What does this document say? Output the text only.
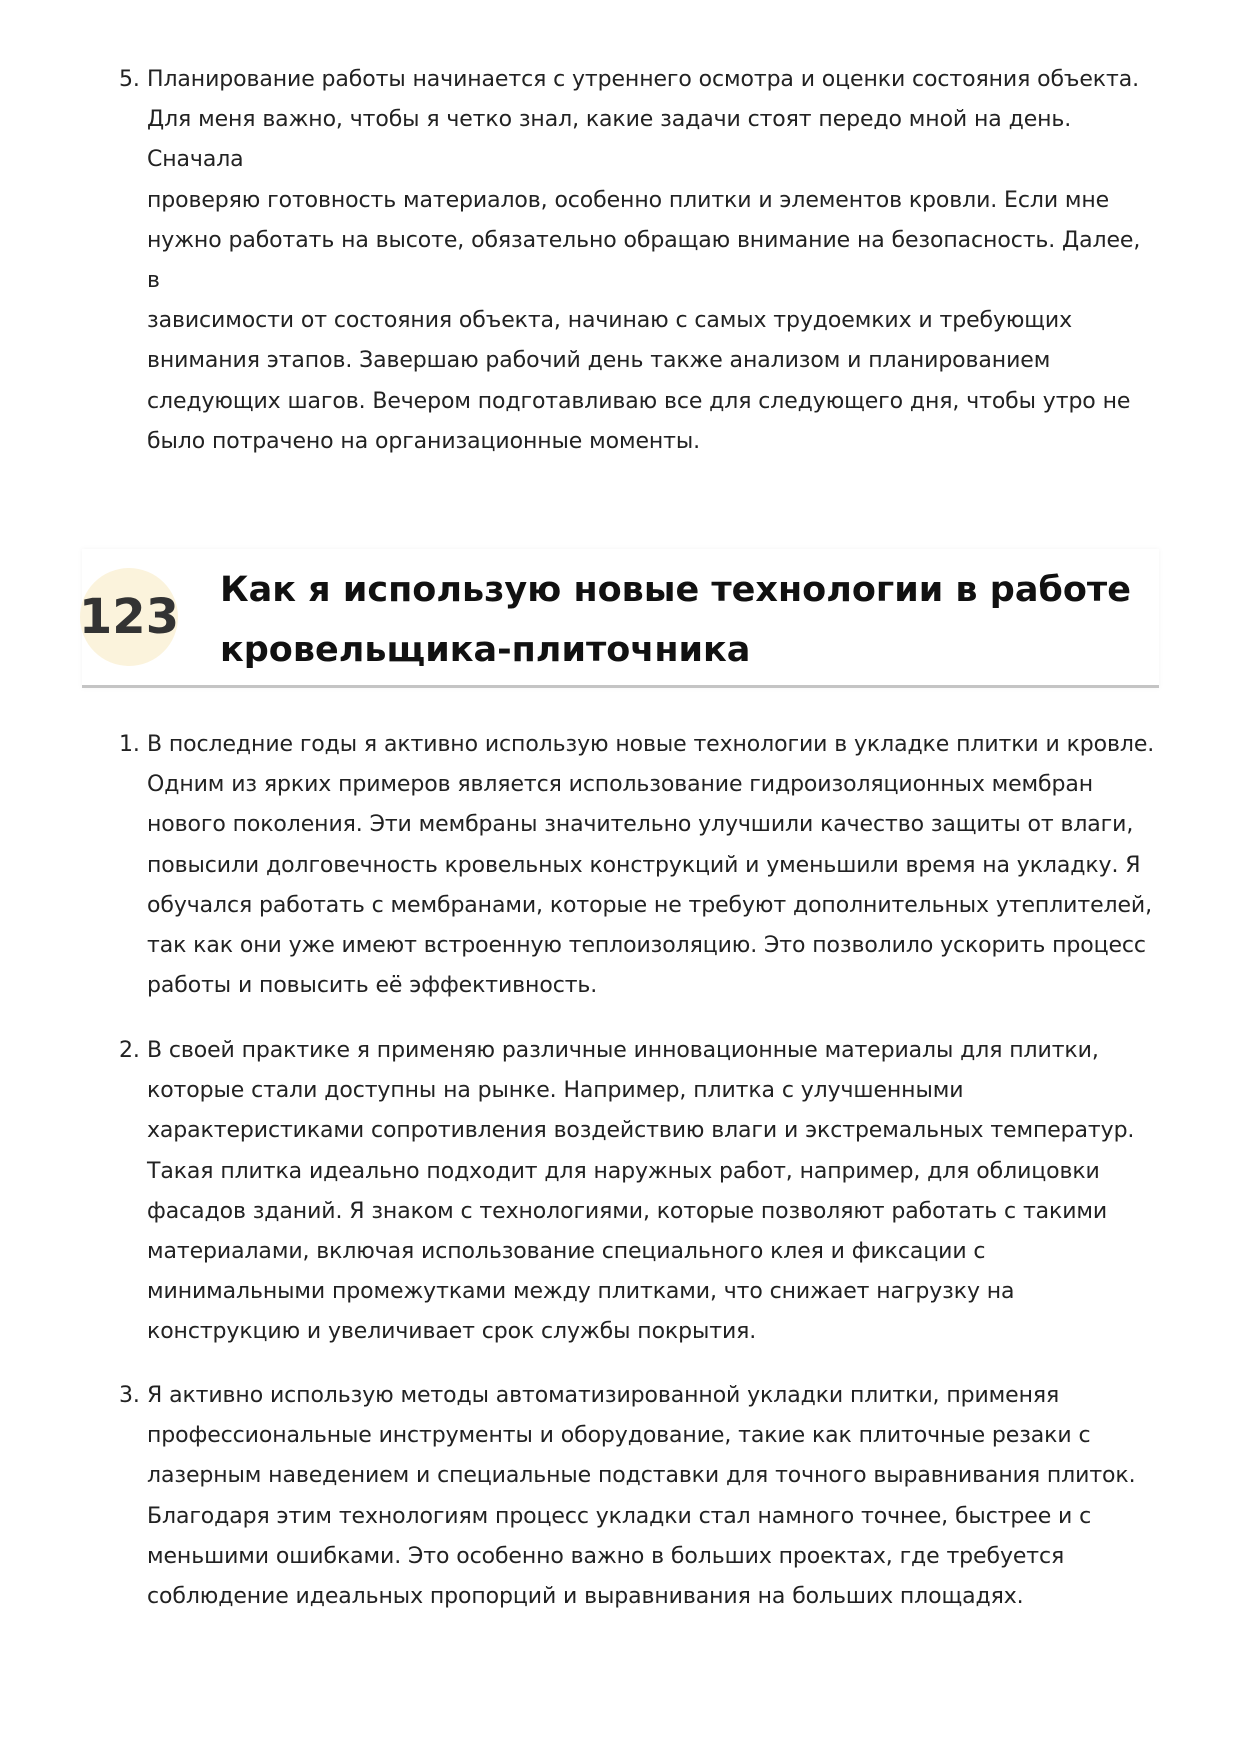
5. Планирование работы начинается с утреннего осмотра и оценки состояния объекта.
Для меня важно, чтобы я четко знал, какие задачи стоят передо мной на день. Сначала
проверяю готовность материалов, особенно плитки и элементов кровли. Если мне
нужно работать на высоте, обязательно обращаю внимание на безопасность. Далее, в
зависимости от состояния объекта, начинаю с самых трудоемких и требующих
внимания этапов. Завершаю рабочий день также анализом и планированием
следующих шагов. Вечером подготавливаю все для следующего дня, чтобы утро не
было потрачено на организационные моменты.
123 Как я использую новые технологии в работе
кровельщика-плиточника
1. В последние годы я активно использую новые технологии в укладке плитки и кровле.
Одним из ярких примеров является использование гидроизоляционных мембран
нового поколения. Эти мембраны значительно улучшили качество защиты от влаги,
повысили долговечность кровельных конструкций и уменьшили время на укладку. Я
обучался работать с мембранами, которые не требуют дополнительных утеплителей,
так как они уже имеют встроенную теплоизоляцию. Это позволило ускорить процесс
работы и повысить её эффективность.
2. В своей практике я применяю различные инновационные материалы для плитки,
которые стали доступны на рынке. Например, плитка с улучшенными
характеристиками сопротивления воздействию влаги и экстремальных температур.
Такая плитка идеально подходит для наружных работ, например, для облицовки
фасадов зданий. Я знаком с технологиями, которые позволяют работать с такими
материалами, включая использование специального клея и фиксации с
минимальными промежутками между плитками, что снижает нагрузку на
конструкцию и увеличивает срок службы покрытия.
3. Я активно использую методы автоматизированной укладки плитки, применяя
профессиональные инструменты и оборудование, такие как плиточные резаки с
лазерным наведением и специальные подставки для точного выравнивания плиток.
Благодаря этим технологиям процесс укладки стал намного точнее, быстрее и с
меньшими ошибками. Это особенно важно в больших проектах, где требуется
соблюдение идеальных пропорций и выравнивания на больших площадях.
